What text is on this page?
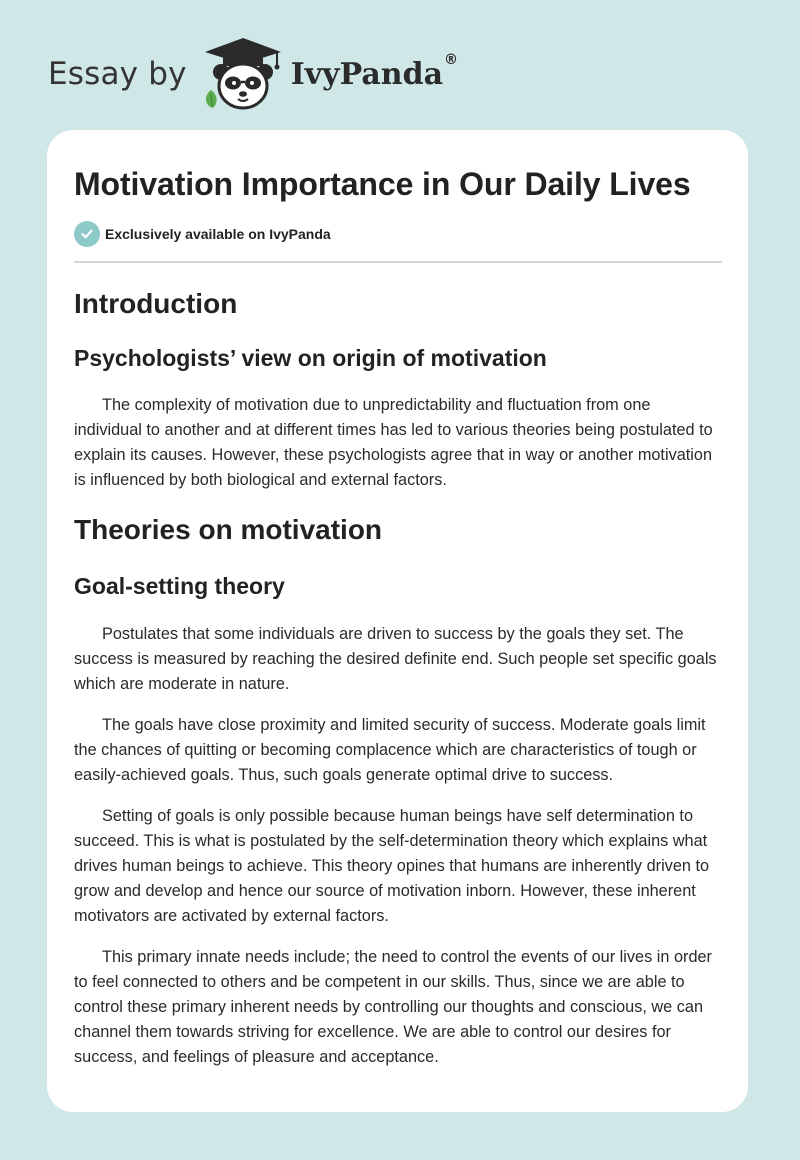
Essay by	IvyPanda ®
Motivation Importance in Our Daily Lives
Exclusively available on IvyPanda
Introduction
Psychologists’ view on origin of motivation

The complexity of motivation due to unpredictability and fluctuation from one individual to another and at different times has led to various theories being postulated to explain its causes. However, these psychologists agree that in way or another motivation is influenced by both biological and external factors.

Theories on motivation
Goal-setting theory

Postulates that some individuals are driven to success by the goals they set. The success is measured by reaching the desired definite end. Such people set specific goals which are moderate in nature.

The goals have close proximity and limited security of success. Moderate goals limit the chances of quitting or becoming complacence which are characteristics of tough or easily-achieved goals. Thus, such goals generate optimal drive to success.

Setting of goals is only possible because human beings have self determination to succeed. This is what is postulated by the self-determination theory which explains what drives human beings to achieve. This theory opines that humans are inherently driven to grow and develop and hence our source of motivation inborn. However, these inherent motivators are activated by external factors.

This primary innate needs include; the need to control the events of our lives in order to feel connected to others and be competent in our skills. Thus, since we are able to control these primary inherent needs by controlling our thoughts and conscious, we can channel them towards striving for excellence. We are able to control our desires for success, and feelings of pleasure and acceptance.
